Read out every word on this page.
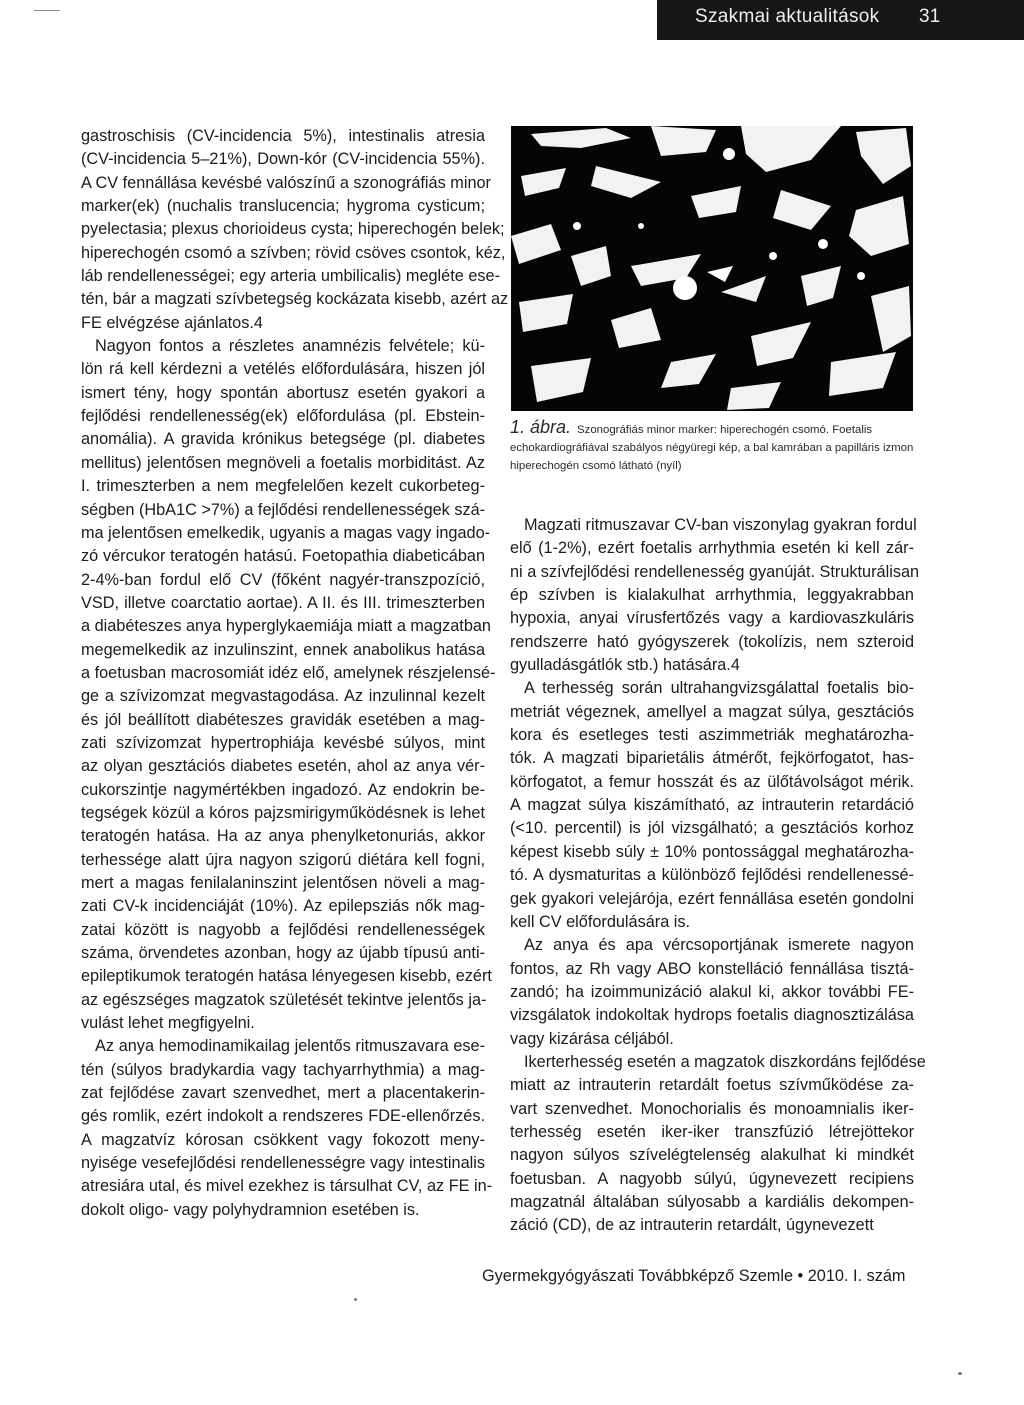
Szakmai aktualitások 31

gastroschisis (CV-incidencia 5%), intestinalis atresia
(CV-incidencia 5–21%), Down-kór (CV-incidencia 55%).
A CV fennállása kevésbé valószínű a szonográfiás minor
marker(ek) (nuchalis translucencia; hygroma cysticum;
pyelectasia; plexus chorioideus cysta; hiperechogén belek;
hiperechogén csomó a szívben; rövid csöves csontok, kéz,
láb rendellenességei; egy arteria umbilicalis) megléte ese-
tén, bár a magzati szívbetegség kockázata kisebb, azért az
FE elvégzése ajánlatos.4

Nagyon fontos a részletes anamnézis felvétele; kü-
lön rá kell kérdezni a vetélés előfordulására, hiszen jól
ismert tény, hogy spontán abortusz esetén gyakori a
fejlődési rendellenesség(ek) előfordulása (pl. Ebstein-
anomália). A gravida krónikus betegsége (pl. diabetes
mellitus) jelentősen megnöveli a foetalis morbiditást. Az
I. trimeszterben a nem megfelelően kezelt cukorbeteg-
ségben (HbA1C >7%) a fejlődési rendellenességek szá-
ma jelentősen emelkedik, ugyanis a magas vagy ingado-
zó vércukor teratogén hatású. Foetopathia diabeticában
2-4%-ban fordul elő CV (főként nagyér-transzpozíció,
VSD, illetve coarctatio aortae). A II. és III. trimeszterben
a diabéteszes anya hyperglykaemiája miatt a magzatban
megemelkedik az inzulinszint, ennek anabolikus hatása
a foetusban macrosomiát idéz elő, amelynek részjelensé-
ge a szívizomzat megvastagodása. Az inzulinnal kezelt
és jól beállított diabéteszes gravidák esetében a mag-
zati szívizomzat hypertrophiája kevésbé súlyos, mint
az olyan gesztációs diabetes esetén, ahol az anya vér-
cukorszintje nagymértékben ingadozó. Az endokrin be-
tegségek közül a kóros pajzsmirigyműködésnek is lehet
teratogén hatása. Ha az anya phenylketonuriás, akkor
terhessége alatt újra nagyon szigorú diétára kell fogni,
mert a magas fenilalaninszint jelentősen növeli a mag-
zati CV-k incidenciáját (10%). Az epilepsziás nők mag-
zatai között is nagyobb a fejlődési rendellenességek
száma, örvendetes azonban, hogy az újabb típusú anti-
epileptikumok teratogén hatása lényegesen kisebb, ezért
az egészséges magzatok születését tekintve jelentős ja-
vulást lehet megfigyelni.

Az anya hemodinamikailag jelentős ritmuszavara ese-
tén (súlyos bradykardia vagy tachyarrhythmia) a mag-
zat fejlődése zavart szenvedhet, mert a placentakerin-
gés romlik, ezért indokolt a rendszeres FDE-ellenőrzés.
A magzatvíz kórosan csökkent vagy fokozott meny-
nyisége vesefejlődési rendellenességre vagy intestinalis
atresiára utal, és mivel ezekhez is társulhat CV, az FE in-
dokolt oligo- vagy polyhydramnion esetében is.

1. ábra. Szonográfiás minor marker: hiperechogén csomó. Foetalis echokardiográfiával szabályos négyüregi kép, a bal kamrában a papilláris izmon hiperechogén csomó látható (nyíl)

Magzati ritmuszavar CV-ban viszonylag gyakran fordul
elő (1-2%), ezért foetalis arrhythmia esetén ki kell zár-
ni a szívfejlődési rendellenesség gyanúját. Strukturálisan
ép szívben is kialakulhat arrhythmia, leggyakrabban
hypoxia, anyai vírusfertőzés vagy a kardiovaszkuláris
rendszerre ható gyógyszerek (tokolízis, nem szteroid
gyulladásgátlók stb.) hatására.4

A terhesség során ultrahangvizsgálattal foetalis bio-
metriát végeznek, amellyel a magzat súlya, gesztációs
kora és esetleges testi aszimmetriák meghatározha-
tók. A magzati biparietális átmérőt, fejkörfogatot, has-
körfogatot, a femur hosszát és az ülőtávolságot mérik.
A magzat súlya kiszámítható, az intrauterin retardáció
(<10. percentil) is jól vizsgálható; a gesztációs korhoz
képest kisebb súly ± 10% pontossággal meghatározha-
tó. A dysmaturitas a különböző fejlődési rendellenessé-
gek gyakori velejárója, ezért fennállása esetén gondolni
kell CV előfordulására is.

Az anya és apa vércsoportjának ismerete nagyon
fontos, az Rh vagy ABO konstelláció fennállása tisztá-
zandó; ha izoimmunizáció alakul ki, akkor további FE-
vizsgálatok indokoltak hydrops foetalis diagnosztizálása
vagy kizárása céljából.

Ikerterhesség esetén a magzatok diszkordáns fejlődése
miatt az intrauterin retardált foetus szívműködése za-
vart szenvedhet. Monochorialis és monoamnialis iker-
terhesség esetén iker-iker transzfúzió létrejöttekor
nagyon súlyos szívelégtelenség alakulhat ki mindkét
foetusban. A nagyobb súlyú, úgynevezett recipiens
magzatnál általában súlyosabb a kardiális dekompen-
záció (CD), de az intrauterin retardált, úgynevezett

Gyermekgyógyászati Továbbképző Szemle • 2010. I. szám
